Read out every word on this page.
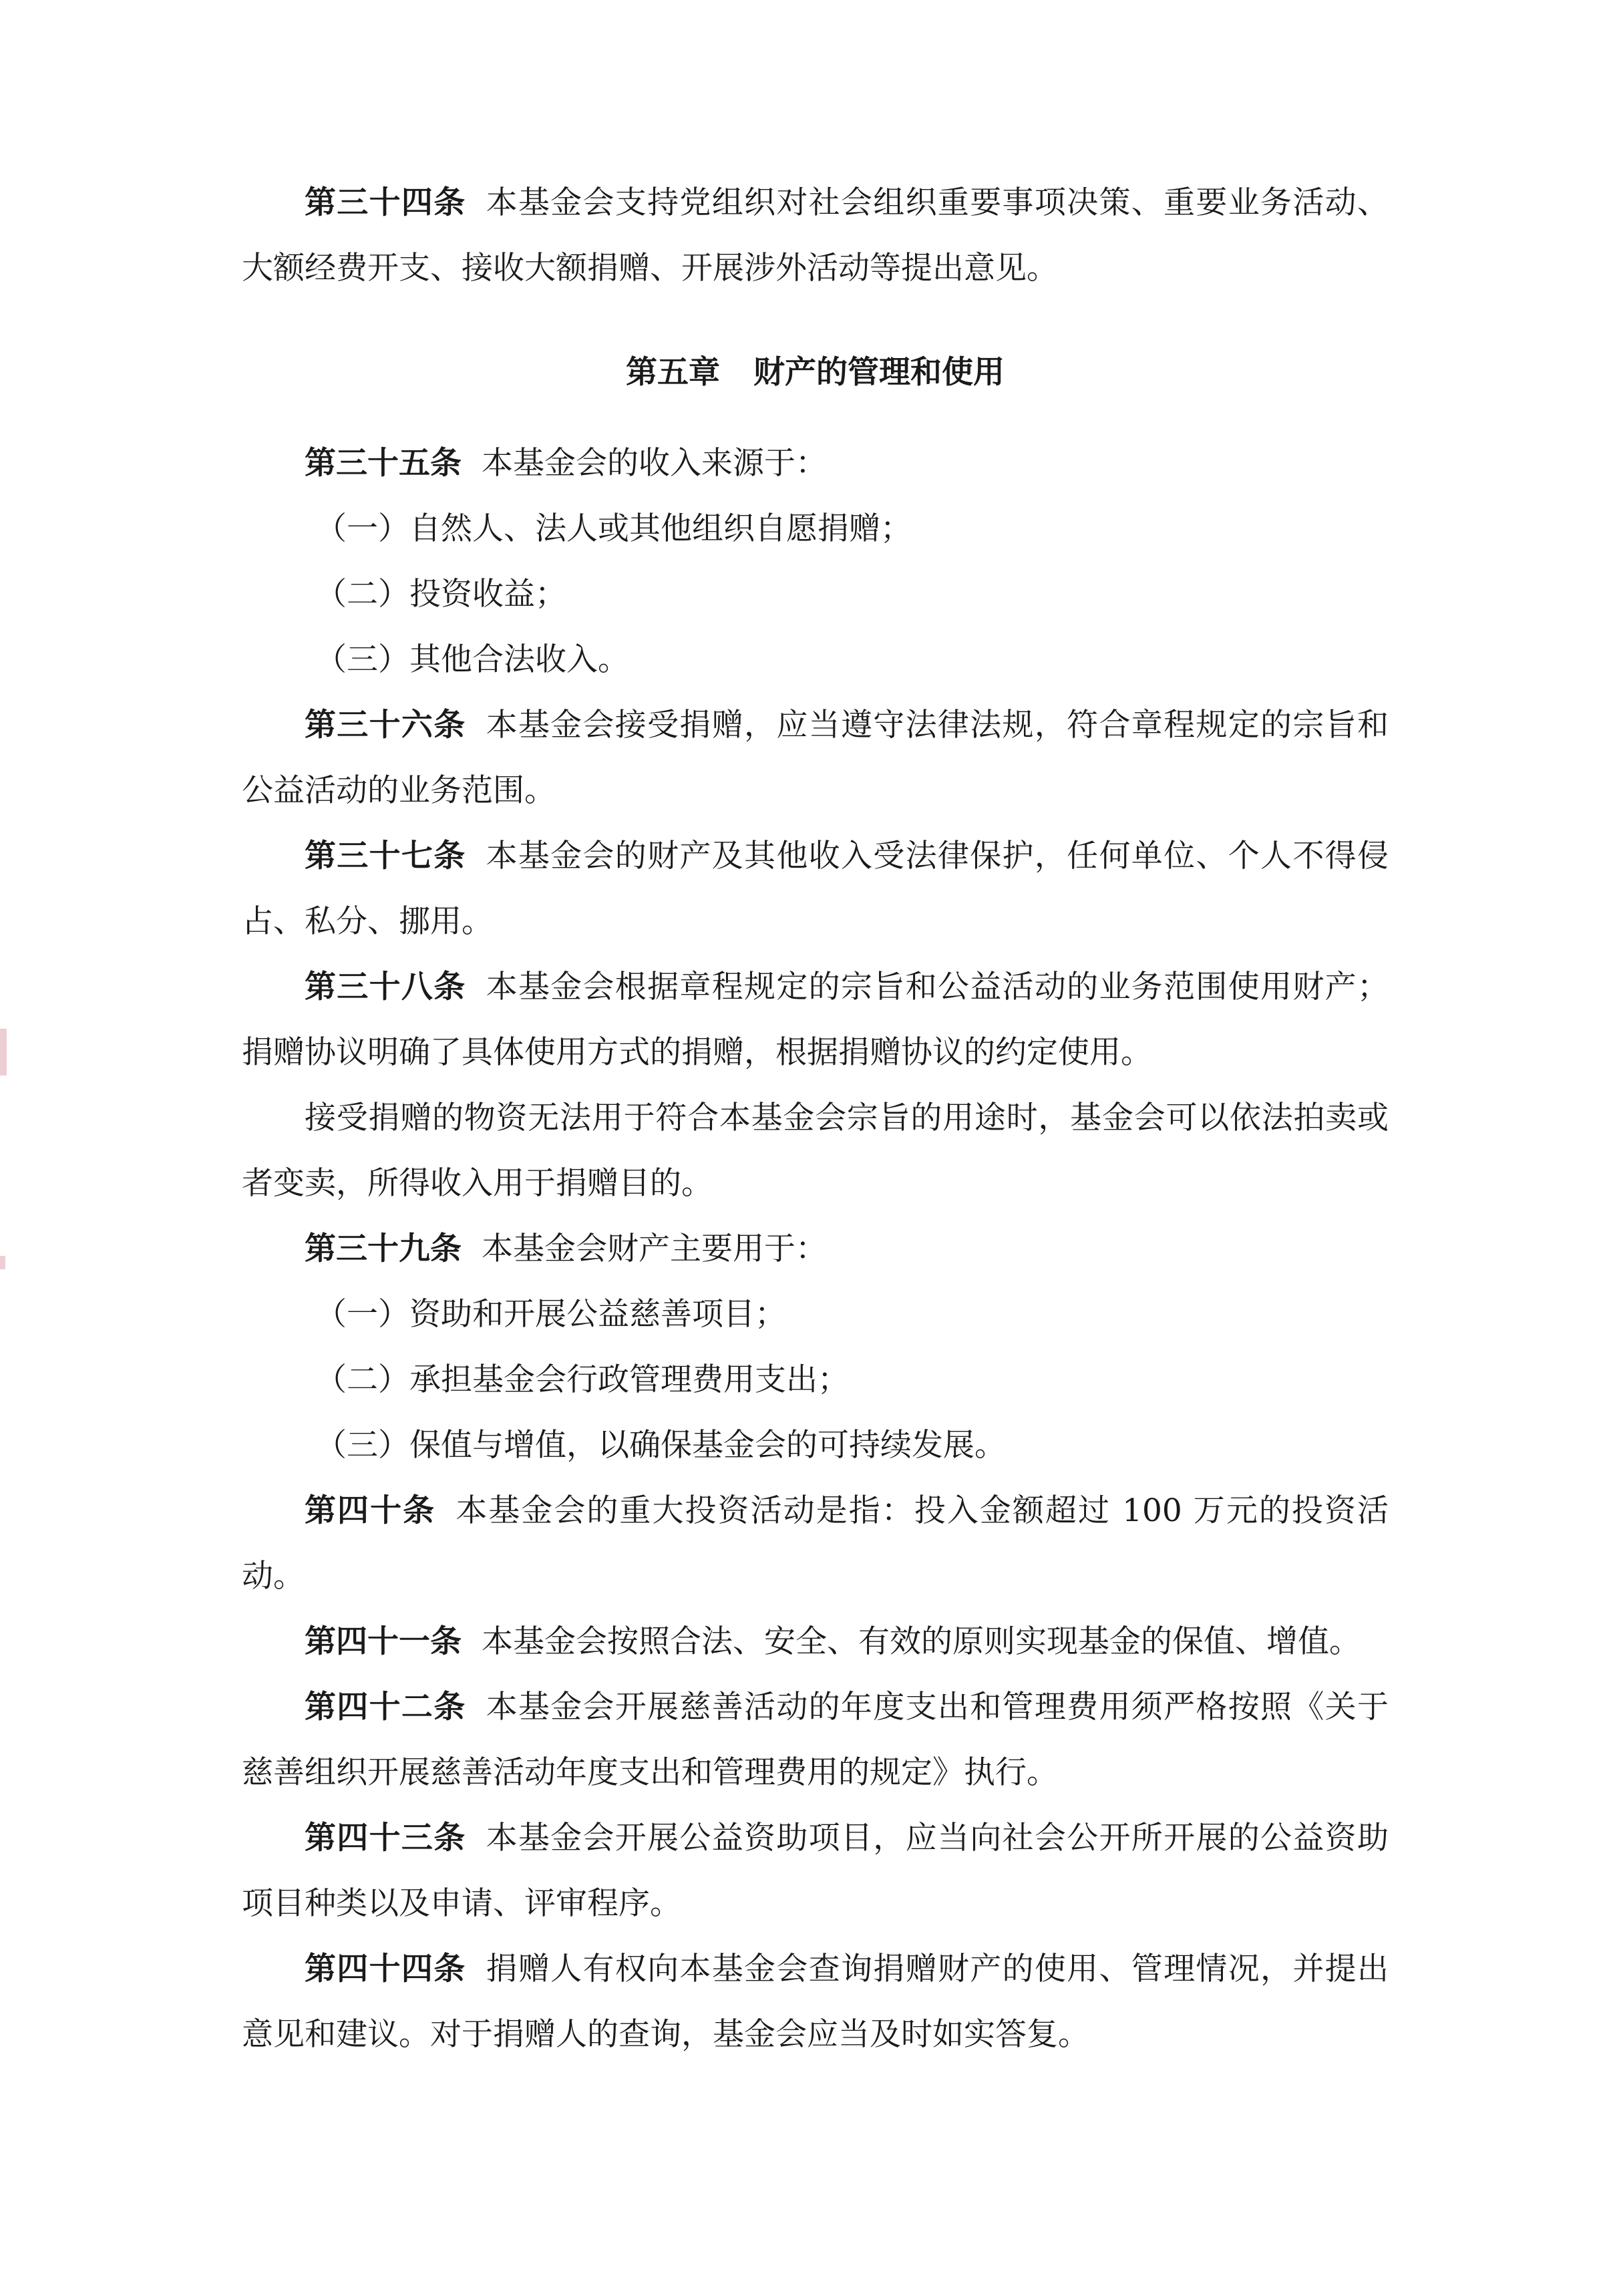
第三十四条 本基金会支持党组织对社会组织重要事项决策、重要业务活动、大额经费开支、接收大额捐赠、开展涉外活动等提出意见。

第五章 财产的管理和使用

第三十五条 本基金会的收入来源于：

（一）自然人、法人或其他组织自愿捐赠；

（二）投资收益；

（三）其他合法收入。

第三十六条 本基金会接受捐赠，应当遵守法律法规，符合章程规定的宗旨和公益活动的业务范围。

第三十七条 本基金会的财产及其他收入受法律保护，任何单位、个人不得侵占、私分、挪用。

第三十八条 本基金会根据章程规定的宗旨和公益活动的业务范围使用财产；捐赠协议明确了具体使用方式的捐赠，根据捐赠协议的约定使用。

接受捐赠的物资无法用于符合本基金会宗旨的用途时，基金会可以依法拍卖或者变卖，所得收入用于捐赠目的。

第三十九条 本基金会财产主要用于：

（一）资助和开展公益慈善项目；

（二）承担基金会行政管理费用支出；

（三）保值与增值，以确保基金会的可持续发展。

第四十条 本基金会的重大投资活动是指：投入金额超过 100 万元的投资活动。

第四十一条 本基金会按照合法、安全、有效的原则实现基金的保值、增值。

第四十二条 本基金会开展慈善活动的年度支出和管理费用须严格按照《关于慈善组织开展慈善活动年度支出和管理费用的规定》执行。

第四十三条 本基金会开展公益资助项目，应当向社会公开所开展的公益资助项目种类以及申请、评审程序。

第四十四条 捐赠人有权向本基金会查询捐赠财产的使用、管理情况，并提出意见和建议。对于捐赠人的查询，基金会应当及时如实答复。
